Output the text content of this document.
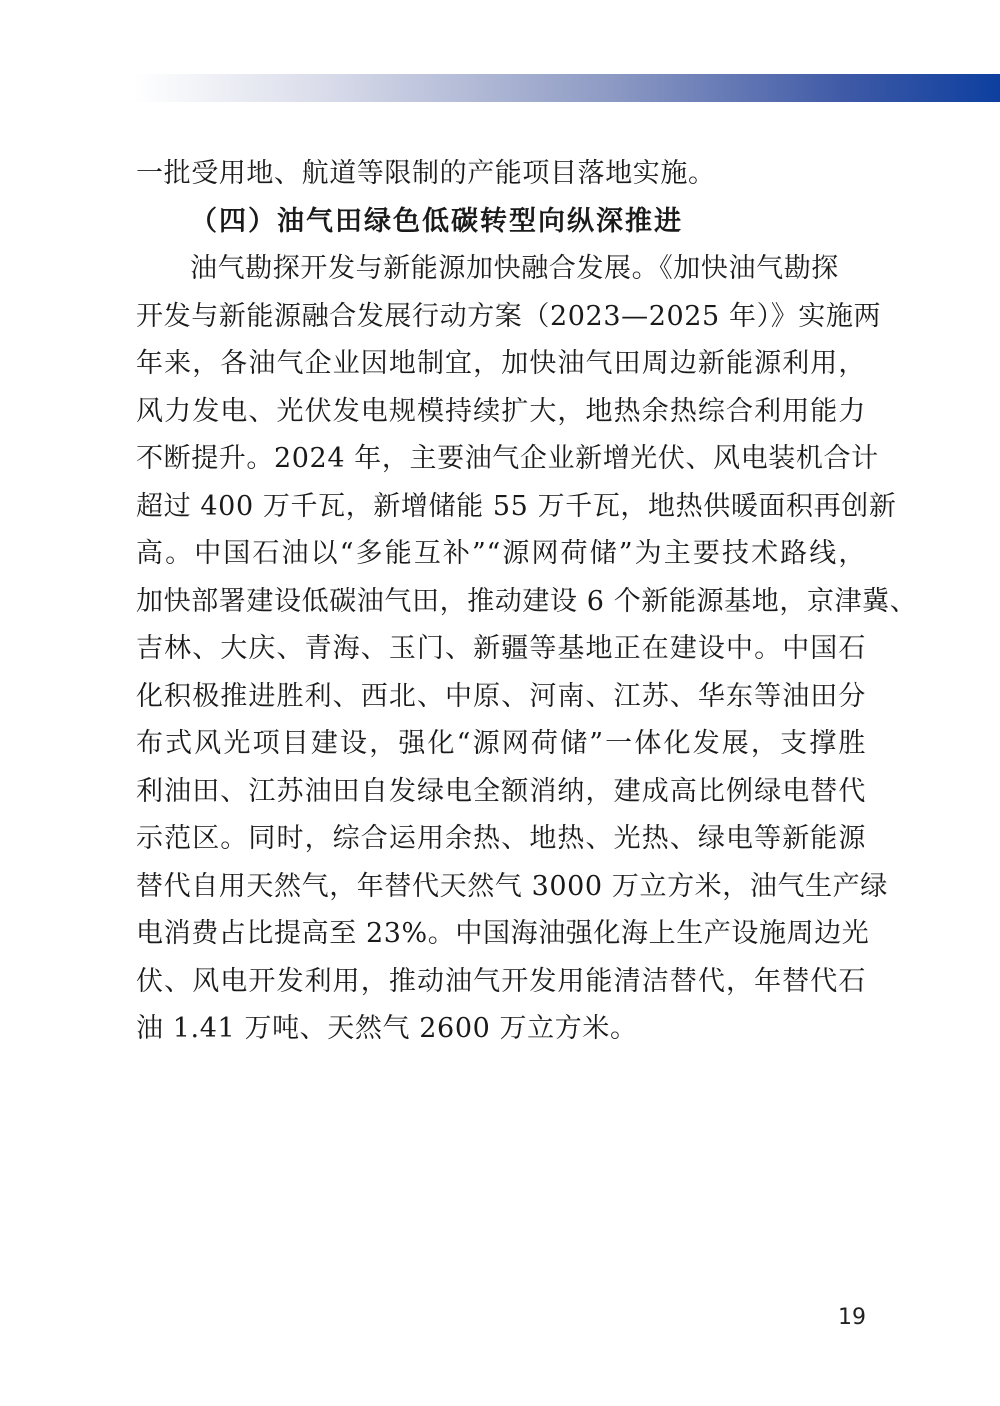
一批受用地、航道等限制的产能项目落地实施。

（四）油气田绿色低碳转型向纵深推进

油气勘探开发与新能源加快融合发展。《加快油气勘探

开发与新能源融合发展行动方案（2023—2025 年）》实施两

年来，各油气企业因地制宜，加快油气田周边新能源利用，

风力发电、光伏发电规模持续扩大，地热余热综合利用能力

不断提升。2024 年，主要油气企业新增光伏、风电装机合计

超过 400 万千瓦，新增储能 55 万千瓦，地热供暖面积再创新

高。中国石油以“多能互补”“源网荷储”为主要技术路线，

加快部署建设低碳油气田，推动建设 6 个新能源基地，京津冀、

吉林、大庆、青海、玉门、新疆等基地正在建设中。中国石

化积极推进胜利、西北、中原、河南、江苏、华东等油田分

布式风光项目建设，强化“源网荷储”一体化发展，支撑胜

利油田、江苏油田自发绿电全额消纳，建成高比例绿电替代

示范区。同时，综合运用余热、地热、光热、绿电等新能源

替代自用天然气，年替代天然气 3000 万立方米，油气生产绿

电消费占比提高至 23%。中国海油强化海上生产设施周边光

伏、风电开发利用，推动油气开发用能清洁替代，年替代石

油 1.41 万吨、天然气 2600 万立方米。

19
